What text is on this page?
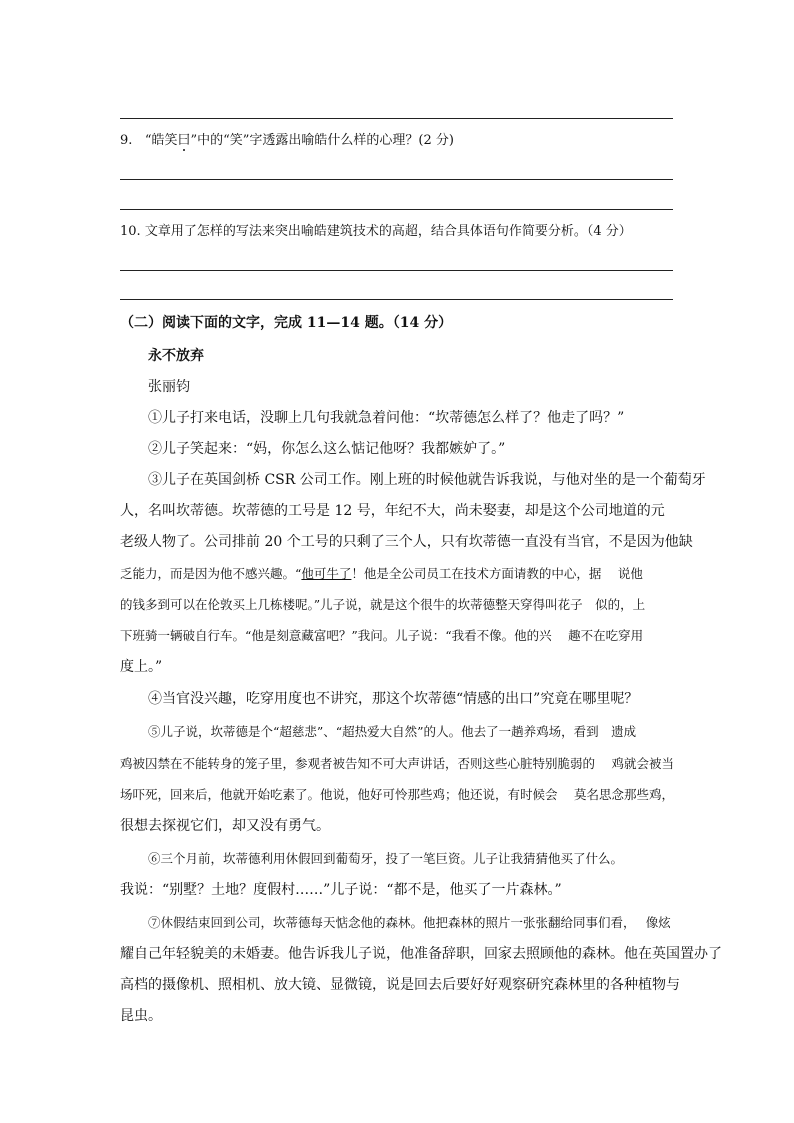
9. “皓笑曰”中的“笑”字透露出喻皓什么样的心理？(2 分)
10. 文章用了怎样的写法来突出喻皓建筑技术的高超，结合具体语句作简要分析。（4 分）
（二）阅读下面的文字，完成 11—14 题。（14 分）
永不放弃
张丽钧
①儿子打来电话，没聊上几句我就急着问他：“坎蒂德怎么样了？他走了吗？”
②儿子笑起来：“妈，你怎么这么惦记他呀？我都嫉妒了。”
③儿子在英国剑桥 CSR 公司工作。刚上班的时候他就告诉我说，与他对坐的是一个葡萄牙
人，名叫坎蒂德。坎蒂德的工号是 12 号，年纪不大，尚未娶妻，却是这个公司地道的元
老级人物了。公司排前 20 个工号的只剩了三个人，只有坎蒂德一直没有当官，不是因为他缺
乏能力，而是因为他不感兴趣。“他可牛了！他是全公司员工在技术方面请教的中心，据　 说他
的钱多到可以在伦敦买上几栋楼呢。”儿子说，就是这个很牛的坎蒂德整天穿得叫花子　似的，上
下班骑一辆破自行车。“他是刻意藏富吧？”我问。儿子说：“我看不像。他的兴　 趣不在吃穿用
度上。”
④当官没兴趣，吃穿用度也不讲究，那这个坎蒂德“情感的出口”究竟在哪里呢？
⑤儿子说，坎蒂德是个“超慈悲”、“超热爱大自然”的人。他去了一趟养鸡场，看到　遗成
鸡被囚禁在不能转身的笼子里，参观者被告知不可大声讲话，否则这些心脏特别脆弱的　 鸡就会被当
场吓死，回来后，他就开始吃素了。他说，他好可怜那些鸡；他还说，有时候会　 莫名思念那些鸡，
很想去探视它们，却又没有勇气。
⑥三个月前，坎蒂德利用休假回到葡萄牙，投了一笔巨资。儿子让我猜猜他买了什么。
我说：“别墅？土地？度假村……”儿子说：“都不是，他买了一片森林。”
⑦休假结束回到公司，坎蒂德每天惦念他的森林。他把森林的照片一张张翻给同事们看，　 像炫
耀自己年轻貌美的未婚妻。他告诉我儿子说，他准备辞职，回家去照顾他的森林。他在英国置办了
高档的摄像机、照相机、放大镜、显微镜，说是回去后要好好观察研究森林里的各种植物与
昆虫。
